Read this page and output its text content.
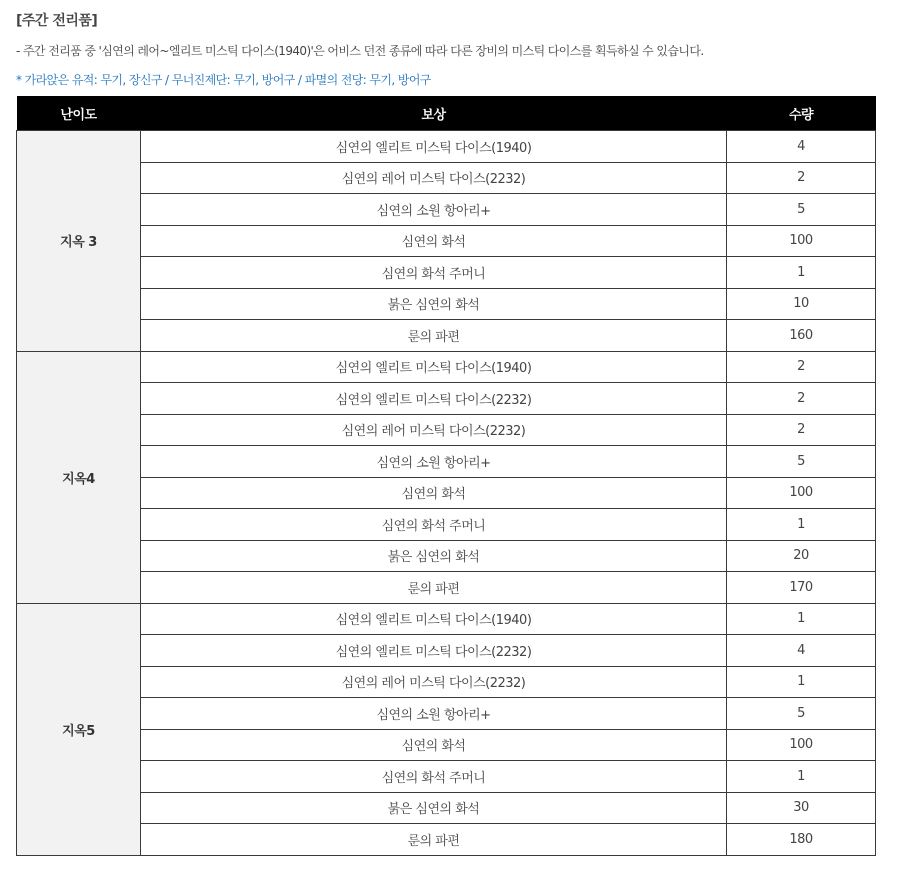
[주간 전리품]
- 주간 전리품 중 '심연의 레어~엘리트 미스틱 다이스(1940)'은 어비스 던전 종류에 따라 다른 장비의 미스틱 다이스를 획득하실 수 있습니다.
* 가라앉은 유적: 무기, 장신구 / 무너진제단: 무기, 방어구 / 파멸의 전당: 무기, 방어구
난이도	보상	수량
지옥 3	심연의 엘리트 미스틱 다이스(1940)	4
	심연의 레어 미스틱 다이스(2232)	2
	심연의 소원 항아리+	5
	심연의 화석	100
	심연의 화석 주머니	1
	붉은 심연의 화석	10
	룬의 파편	160
지옥4	심연의 엘리트 미스틱 다이스(1940)	2
	심연의 엘리트 미스틱 다이스(2232)	2
	심연의 레어 미스틱 다이스(2232)	2
	심연의 소원 항아리+	5
	심연의 화석	100
	심연의 화석 주머니	1
	붉은 심연의 화석	20
	룬의 파편	170
지옥5	심연의 엘리트 미스틱 다이스(1940)	1
	심연의 엘리트 미스틱 다이스(2232)	4
	심연의 레어 미스틱 다이스(2232)	1
	심연의 소원 항아리+	5
	심연의 화석	100
	심연의 화석 주머니	1
	붉은 심연의 화석	30
	룬의 파편	180
